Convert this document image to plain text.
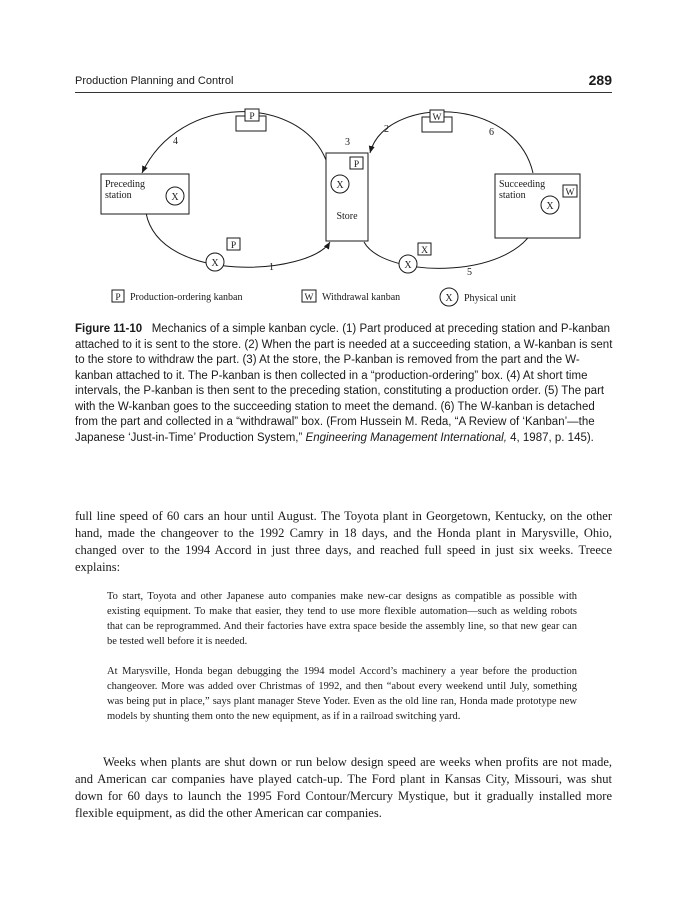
Production Planning and Control	289
Preceding
station	X
P
X
Store
Succeeding
station	W
X
P	W
P
X
X
X
1
2
3
4
5
6
P Production-ordering kanban	W Withdrawal kanban	X Physical unit
Figure 11-10 Mechanics of a simple kanban cycle. (1) Part produced at preceding station and P-kanban attached to it is sent to the store. (2) When the part is needed at a succeeding station, a W-kanban is sent to the store to withdraw the part. (3) At the store, the P-kanban is removed from the part and the W-kanban attached to it. The P-kanban is then collected in a “production-ordering” box. (4) At short time intervals, the P-kanban is then sent to the preceding station, constituting a production order. (5) The part with the W-kanban goes to the succeeding station to meet the demand. (6) The W-kanban is detached from the part and collected in a “withdrawal” box. (From Hussein M. Reda, “A Review of ‘Kanban’—the Japanese ‘Just-in-Time’ Production System,” Engineering Management International, 4, 1987, p. 145).

full line speed of 60 cars an hour until August. The Toyota plant in Georgetown, Kentucky, on the other hand, made the changeover to the 1992 Camry in 18 days, and the Honda plant in Marysville, Ohio, changed over to the 1994 Accord in just three days, and reached full speed in just six weeks. Treece explains:

To start, Toyota and other Japanese auto companies make new-car designs as compatible as possible with existing equipment. To make that easier, they tend to use more flexible automation—such as welding robots that can be reprogrammed. And their factories have extra space beside the assembly line, so that new gear can be tested well before it is needed.

At Marysville, Honda began debugging the 1994 model Accord’s machinery a year before the production changeover. More was added over Christmas of 1992, and then “about every weekend until July, something was being put in place,” says plant manager Steve Yoder. Even as the old line ran, Honda made prototype new models by shunting them onto the new equipment, as if in a railroad switching yard.

Weeks when plants are shut down or run below design speed are weeks when profits are not made, and American car companies have played catch-up. The Ford plant in Kansas City, Missouri, was shut down for 60 days to launch the 1995 Ford Contour/Mercury Mystique, but it gradually installed more flexible equipment, as did the other American car companies.
